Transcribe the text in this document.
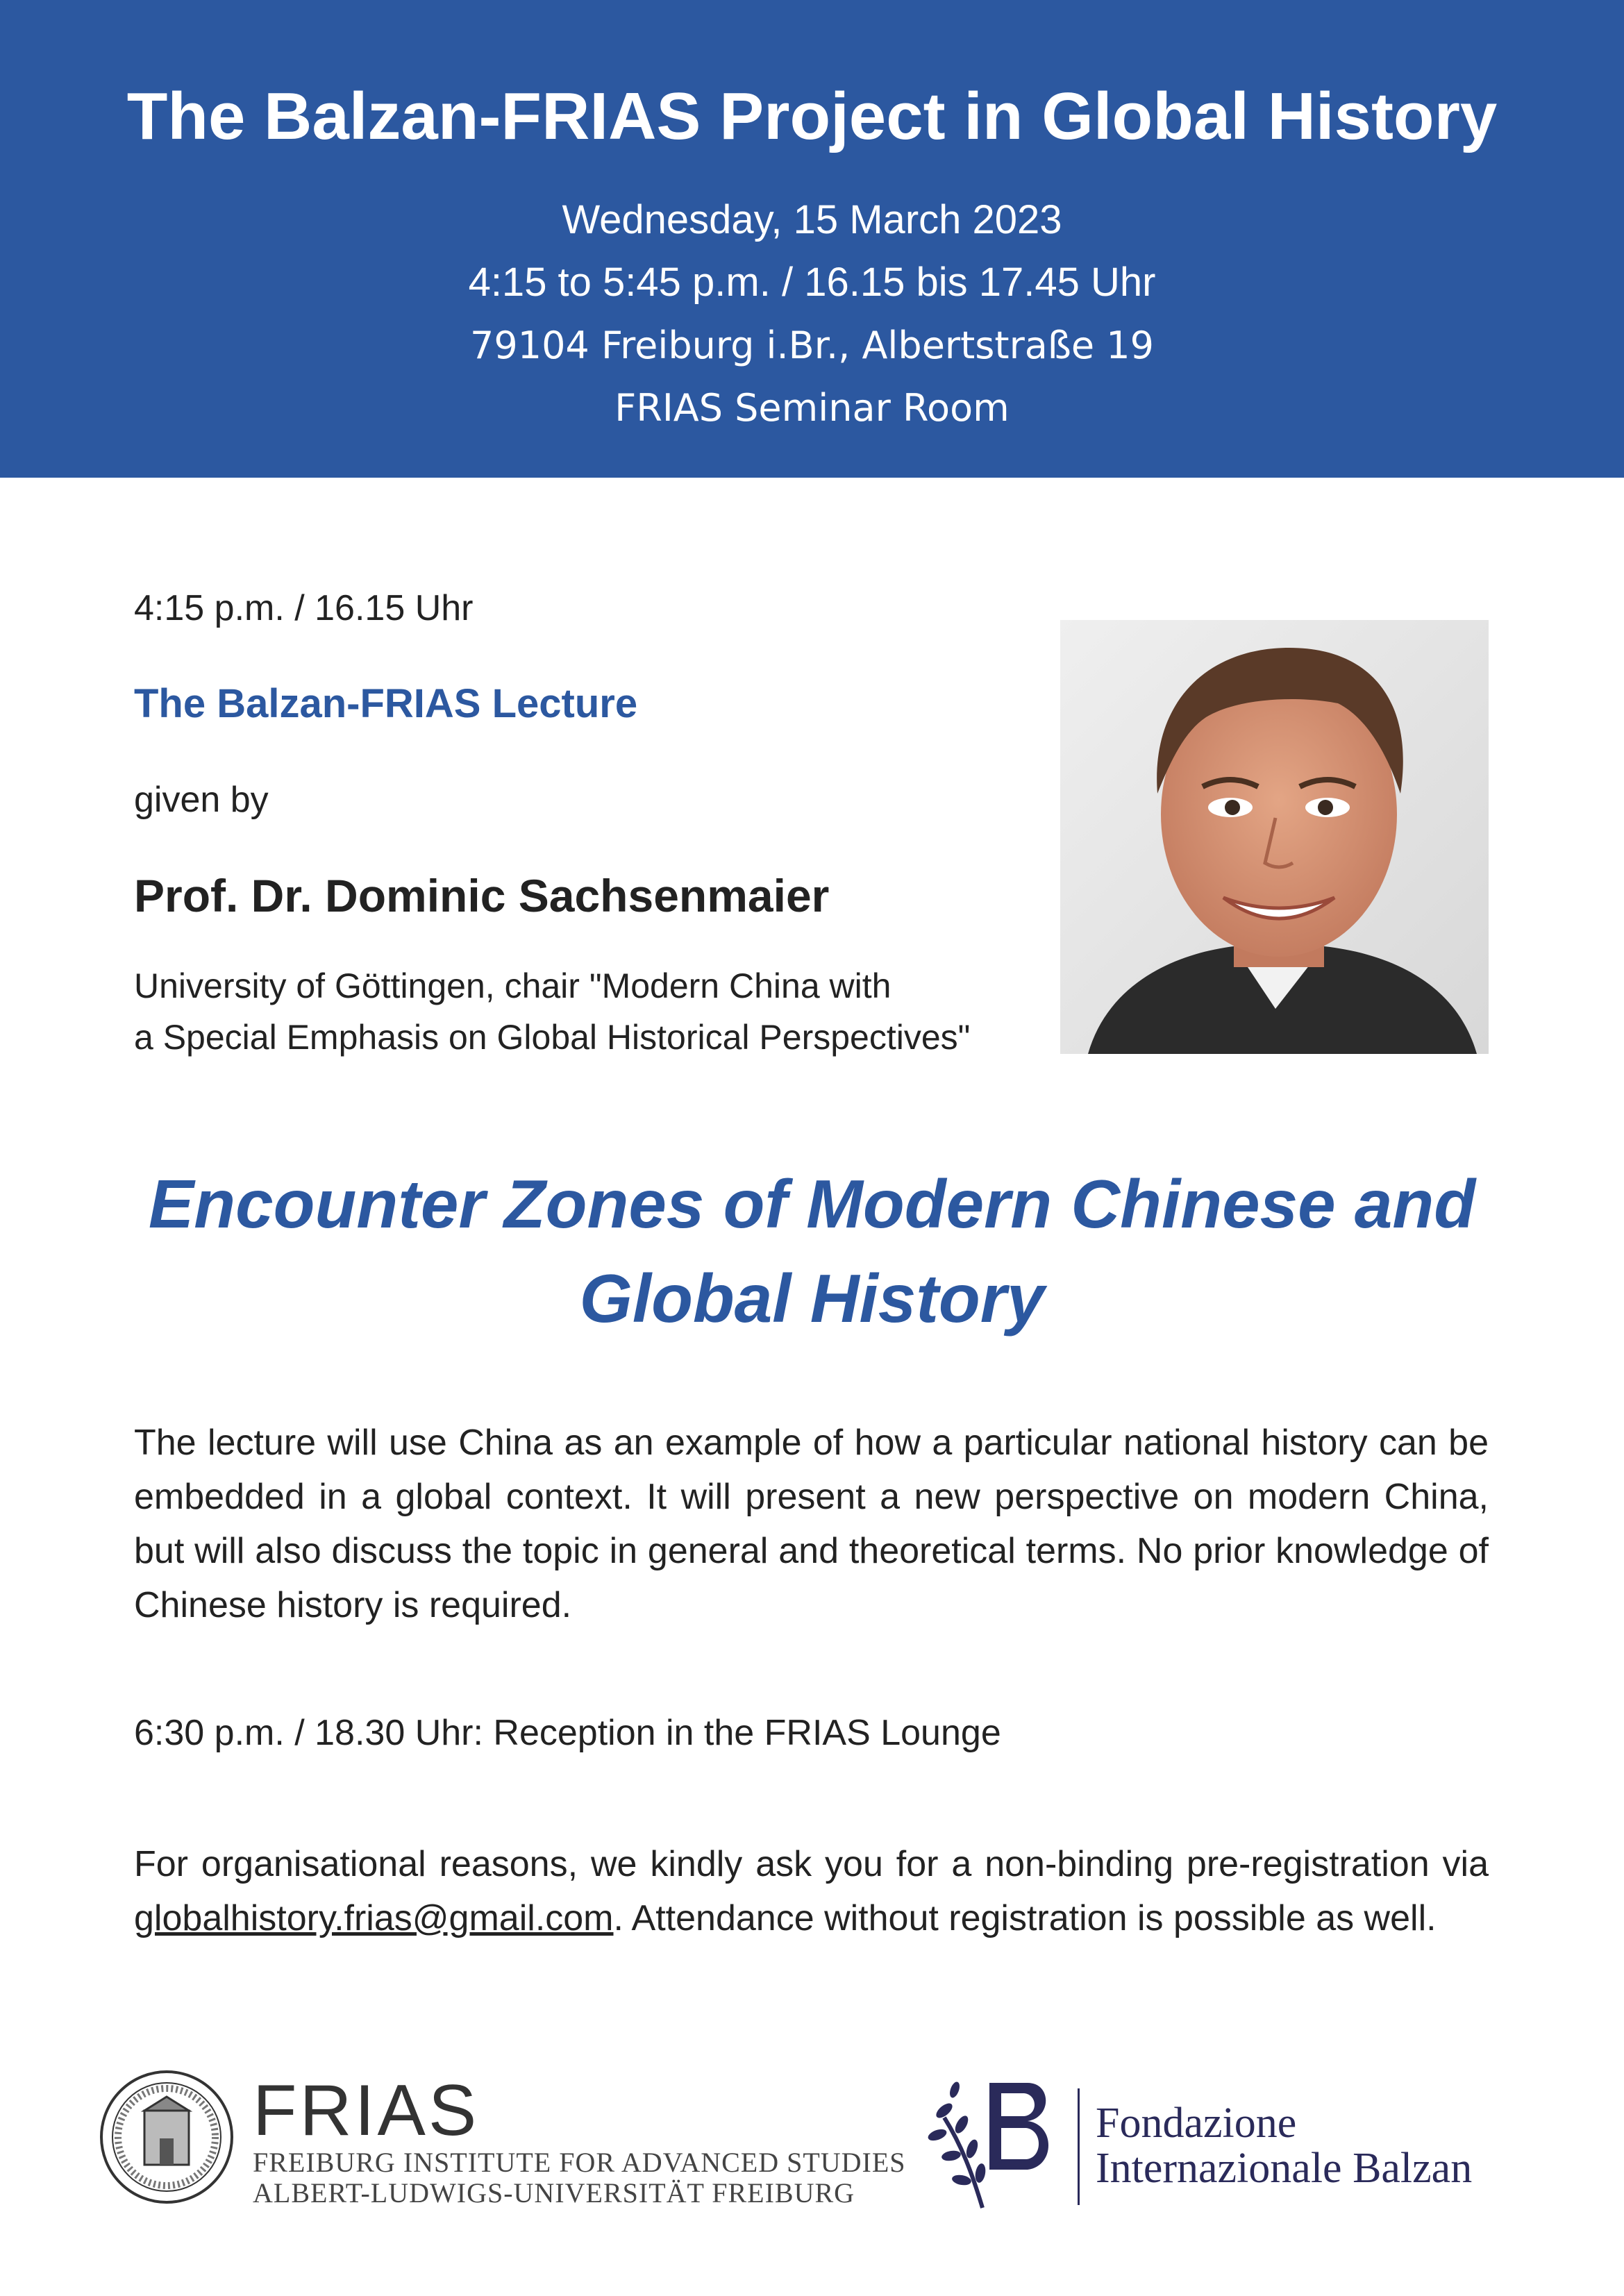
The Balzan-FRIAS Project in Global History
Wednesday, 15 March 2023
4:15 to 5:45 p.m. / 16.15 bis 17.45 Uhr
79104 Freiburg i.Br., Albertstraße 19
FRIAS Seminar Room
4:15 p.m. / 16.15 Uhr
The Balzan-FRIAS Lecture
given by
Prof. Dr. Dominic Sachsenmaier
University of Göttingen, chair "Modern China with
a Special Emphasis on Global Historical Perspectives"
Encounter Zones of Modern Chinese and
Global History
The lecture will use China as an example of how a particular national history can be embedded in a global context. It will present a new perspective on modern China, but will also discuss the topic in general and theoretical terms. No prior knowledge of Chinese history is required.
6:30 p.m. / 18.30 Uhr: Reception in the FRIAS Lounge
For organisational reasons, we kindly ask you for a non-binding pre-registration via globalhistory.frias@gmail.com. Attendance without registration is possible as well.
FRIAS
FREIBURG INSTITUTE FOR ADVANCED STUDIES
ALBERT-LUDWIGS-UNIVERSITÄT FREIBURG
Fondazione
Internazionale Balzan
